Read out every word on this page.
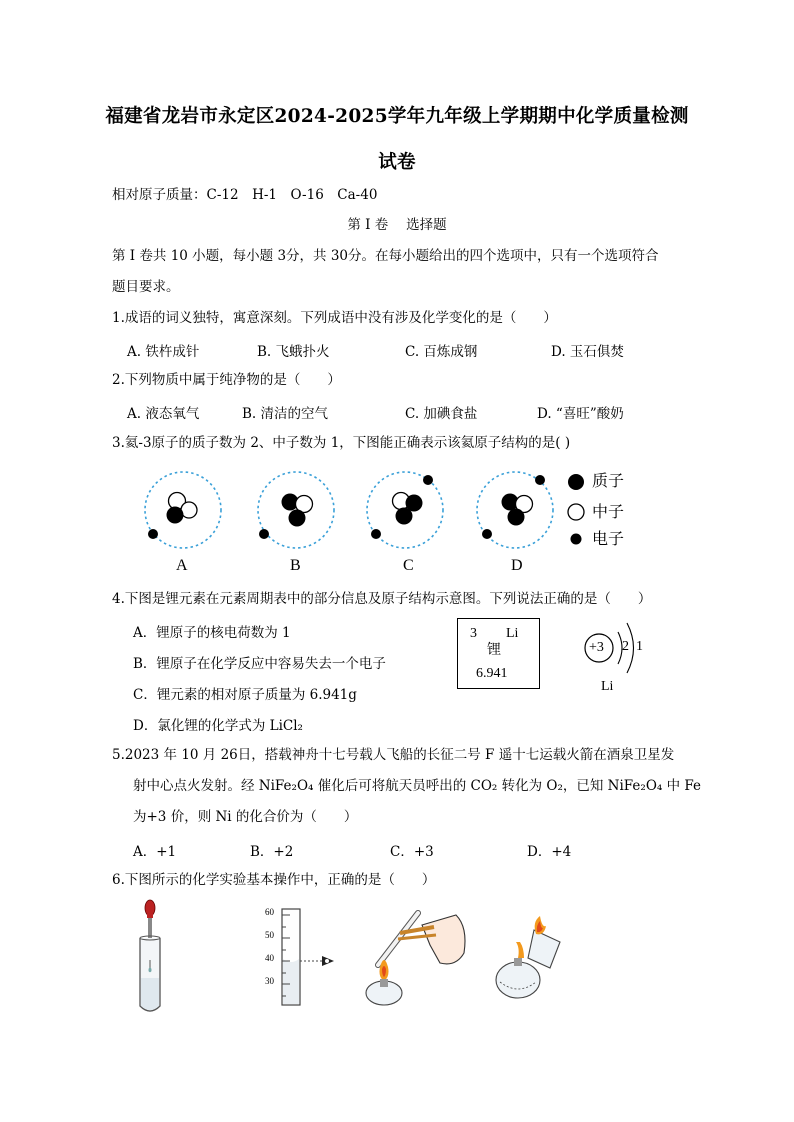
福建省龙岩市永定区2024-2025学年九年级上学期期中化学质量检测
试卷
相对原子质量：C-12　H-1　O-16　Ca-40
第 I 卷　 选择题
第 I 卷共 10 小题，每小题 3分，共 30分。在每小题给出的四个选项中，只有一个选项符合
题目要求。
1.成语的词义独特，寓意深刻。下列成语中没有涉及化学变化的是（　　）
A. 铁杵成针	B. 飞蛾扑火	C. 百炼成钢	D. 玉石俱焚
2.下列物质中属于纯净物的是（　　）
A. 液态氧气	B. 清洁的空气	C. 加碘食盐	D. “喜旺”酸奶
3.氦-3原子的质子数为 2、中子数为 1，下图能正确表示该氦原子结构的是( )
A	B	C	D
质子
中子
电子
4.下图是锂元素在元素周期表中的部分信息及原子结构示意图。下列说法正确的是（　　）
A．锂原子的核电荷数为 1
B．锂原子在化学反应中容易失去一个电子
C．锂元素的相对原子质量为 6.941g
D．氯化锂的化学式为 LiCl₂
3 Li
锂
6.941
+3 2 1
Li
5.2023 年 10 月 26日，搭载神舟十七号载人飞船的长征二号 F 遥十七运载火箭在酒泉卫星发
射中心点火发射。经 NiFe₂O₄ 催化后可将航天员呼出的 CO₂ 转化为 O₂，已知 NiFe₂O₄ 中 Fe
为+3 价，则 Ni 的化合价为（　　）
A．+1	B．+2	C．+3	D．+4
6.下图所示的化学实验基本操作中，正确的是（　　）
60
50
40
30
